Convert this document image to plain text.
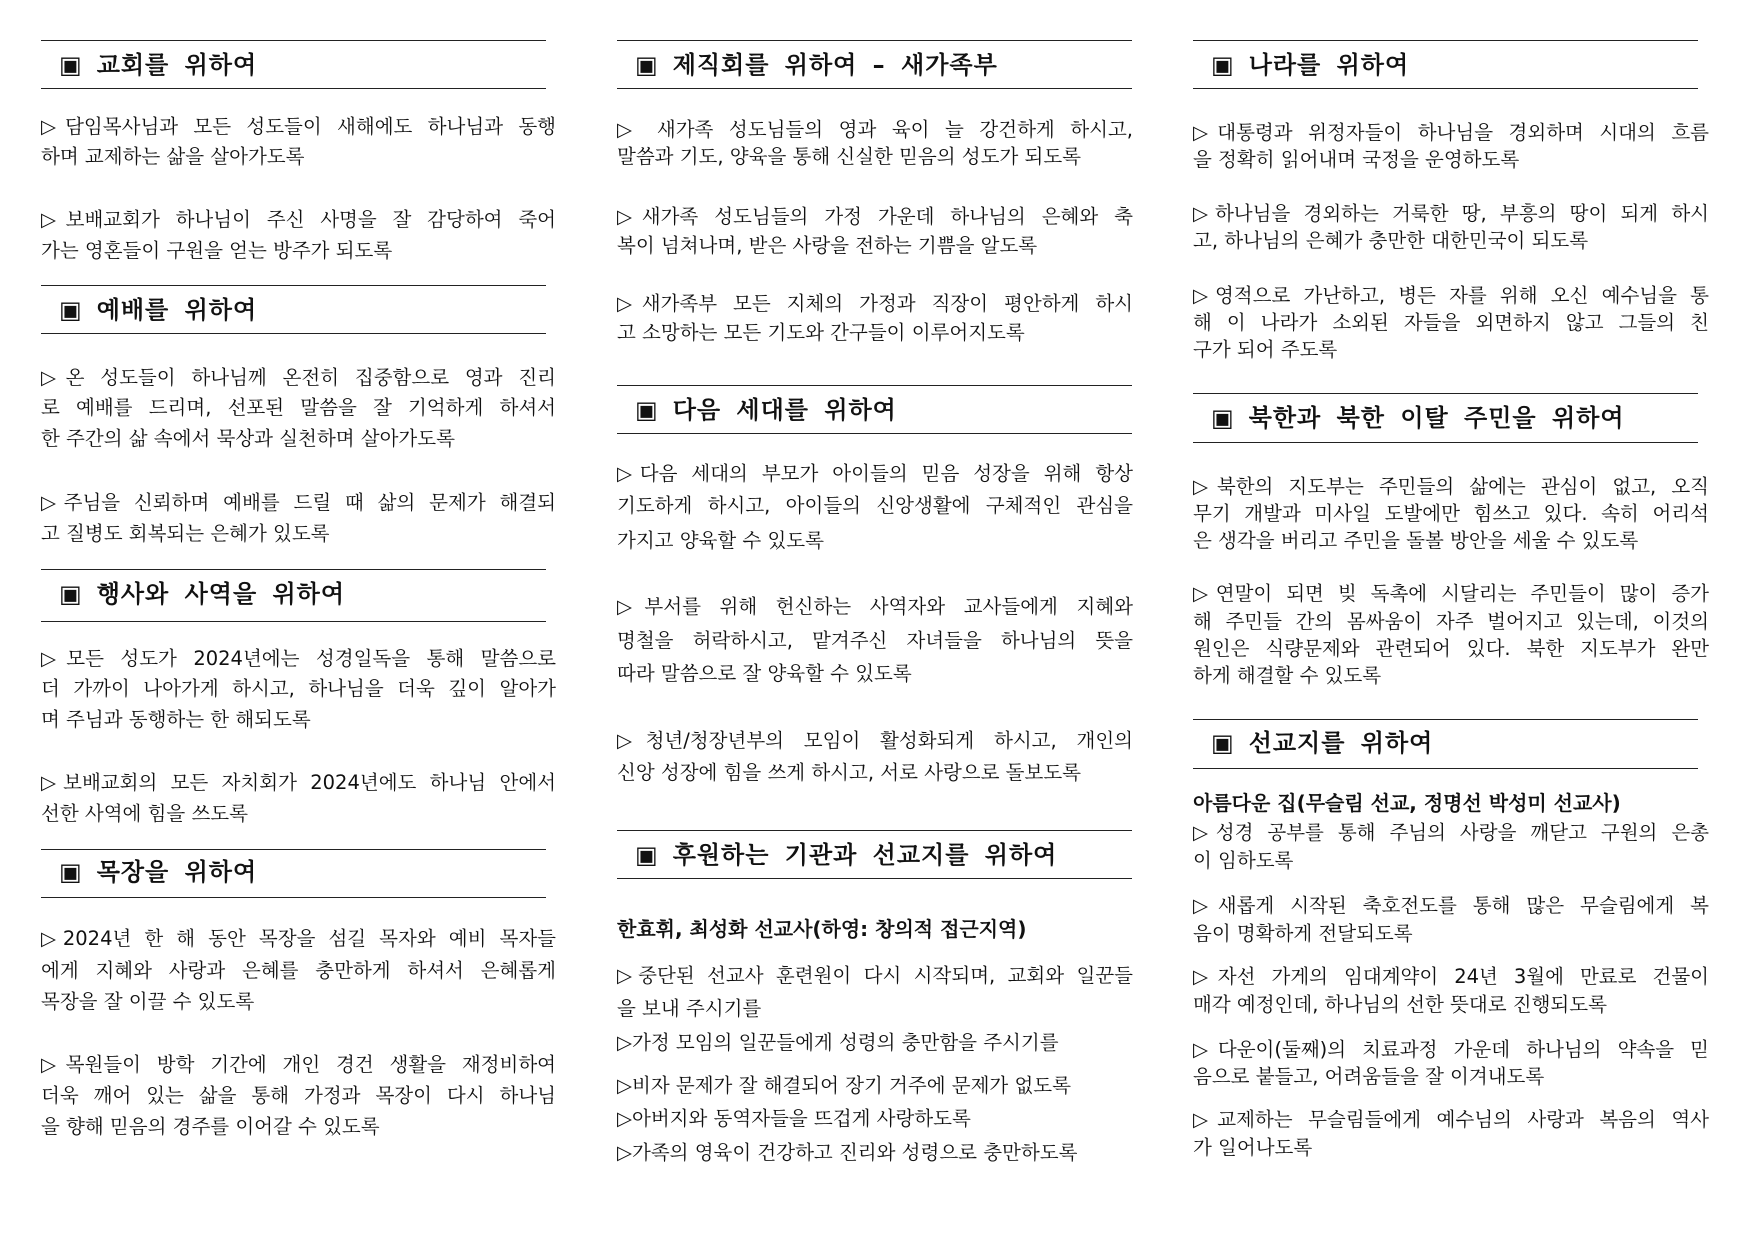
▣ 교회를 위하여
▷담임목사님과 모든 성도들이 새해에도 하나님과 동행
하며 교제하는 삶을 살아가도록
▷보배교회가 하나님이 주신 사명을 잘 감당하여 죽어
가는 영혼들이 구원을 얻는 방주가 되도록
▣ 예배를 위하여
▷온 성도들이 하나님께 온전히 집중함으로 영과 진리
로 예배를 드리며, 선포된 말씀을 잘 기억하게 하셔서
한 주간의 삶 속에서 묵상과 실천하며 살아가도록
▷주님을 신뢰하며 예배를 드릴 때 삶의 문제가 해결되
고 질병도 회복되는 은혜가 있도록
▣ 행사와 사역을 위하여
▷모든 성도가 2024년에는 성경일독을 통해 말씀으로
더 가까이 나아가게 하시고, 하나님을 더욱 깊이 알아가
며 주님과 동행하는 한 해되도록
▷보배교회의 모든 자치회가 2024년에도 하나님 안에서
선한 사역에 힘을 쓰도록
▣ 목장을 위하여
▷2024년 한 해 동안 목장을 섬길 목자와 예비 목자들
에게 지혜와 사랑과 은혜를 충만하게 하셔서 은혜롭게
목장을 잘 이끌 수 있도록
▷목원들이 방학 기간에 개인 경건 생활을 재정비하여
더욱 깨어 있는 삶을 통해 가정과 목장이 다시 하나님
을 향해 믿음의 경주를 이어갈 수 있도록
▣ 제직회를 위하여 – 새가족부
▷ 새가족 성도님들의 영과 육이 늘 강건하게 하시고,
말씀과 기도, 양육을 통해 신실한 믿음의 성도가 되도록
▷새가족 성도님들의 가정 가운데 하나님의 은혜와 축
복이 넘쳐나며, 받은 사랑을 전하는 기쁨을 알도록
▷새가족부 모든 지체의 가정과 직장이 평안하게 하시
고 소망하는 모든 기도와 간구들이 이루어지도록
▣ 다음 세대를 위하여
▷다음 세대의 부모가 아이들의 믿음 성장을 위해 항상
기도하게 하시고, 아이들의 신앙생활에 구체적인 관심을
가지고 양육할 수 있도록
▷부서를 위해 헌신하는 사역자와 교사들에게 지혜와
명철을 허락하시고, 맡겨주신 자녀들을 하나님의 뜻을
따라 말씀으로 잘 양육할 수 있도록
▷청년/청장년부의 모임이 활성화되게 하시고, 개인의
신앙 성장에 힘을 쓰게 하시고, 서로 사랑으로 돌보도록
▣ 후원하는 기관과 선교지를 위하여
한효휘, 최성화 선교사(하영: 창의적 접근지역)
▷중단된 선교사 훈련원이 다시 시작되며, 교회와 일꾼들
을 보내 주시기를
▷가정 모임의 일꾼들에게 성령의 충만함을 주시기를
▷비자 문제가 잘 해결되어 장기 거주에 문제가 없도록
▷아버지와 동역자들을 뜨겁게 사랑하도록
▷가족의 영육이 건강하고 진리와 성령으로 충만하도록
▣ 나라를 위하여
▷대통령과 위정자들이 하나님을 경외하며 시대의 흐름
을 정확히 읽어내며 국정을 운영하도록
▷하나님을 경외하는 거룩한 땅, 부흥의 땅이 되게 하시
고, 하나님의 은혜가 충만한 대한민국이 되도록
▷영적으로 가난하고, 병든 자를 위해 오신 예수님을 통
해 이 나라가 소외된 자들을 외면하지 않고 그들의 친
구가 되어 주도록
▣ 북한과 북한 이탈 주민을 위하여
▷북한의 지도부는 주민들의 삶에는 관심이 없고, 오직
무기 개발과 미사일 도발에만 힘쓰고 있다. 속히 어리석
은 생각을 버리고 주민을 돌볼 방안을 세울 수 있도록
▷연말이 되면 빚 독촉에 시달리는 주민들이 많이 증가
해 주민들 간의 몸싸움이 자주 벌어지고 있는데, 이것의
원인은 식량문제와 관련되어 있다. 북한 지도부가 완만
하게 해결할 수 있도록
▣ 선교지를 위하여
아름다운 집(무슬림 선교, 정명선 박성미 선교사)
▷성경 공부를 통해 주님의 사랑을 깨닫고 구원의 은총
이 임하도록
▷새롭게 시작된 축호전도를 통해 많은 무슬림에게 복
음이 명확하게 전달되도록
▷자선 가게의 임대계약이 24년 3월에 만료로 건물이
매각 예정인데, 하나님의 선한 뜻대로 진행되도록
▷다운이(둘째)의 치료과정 가운데 하나님의 약속을 믿
음으로 붙들고, 어려움들을 잘 이겨내도록
▷교제하는 무슬림들에게 예수님의 사랑과 복음의 역사
가 일어나도록
